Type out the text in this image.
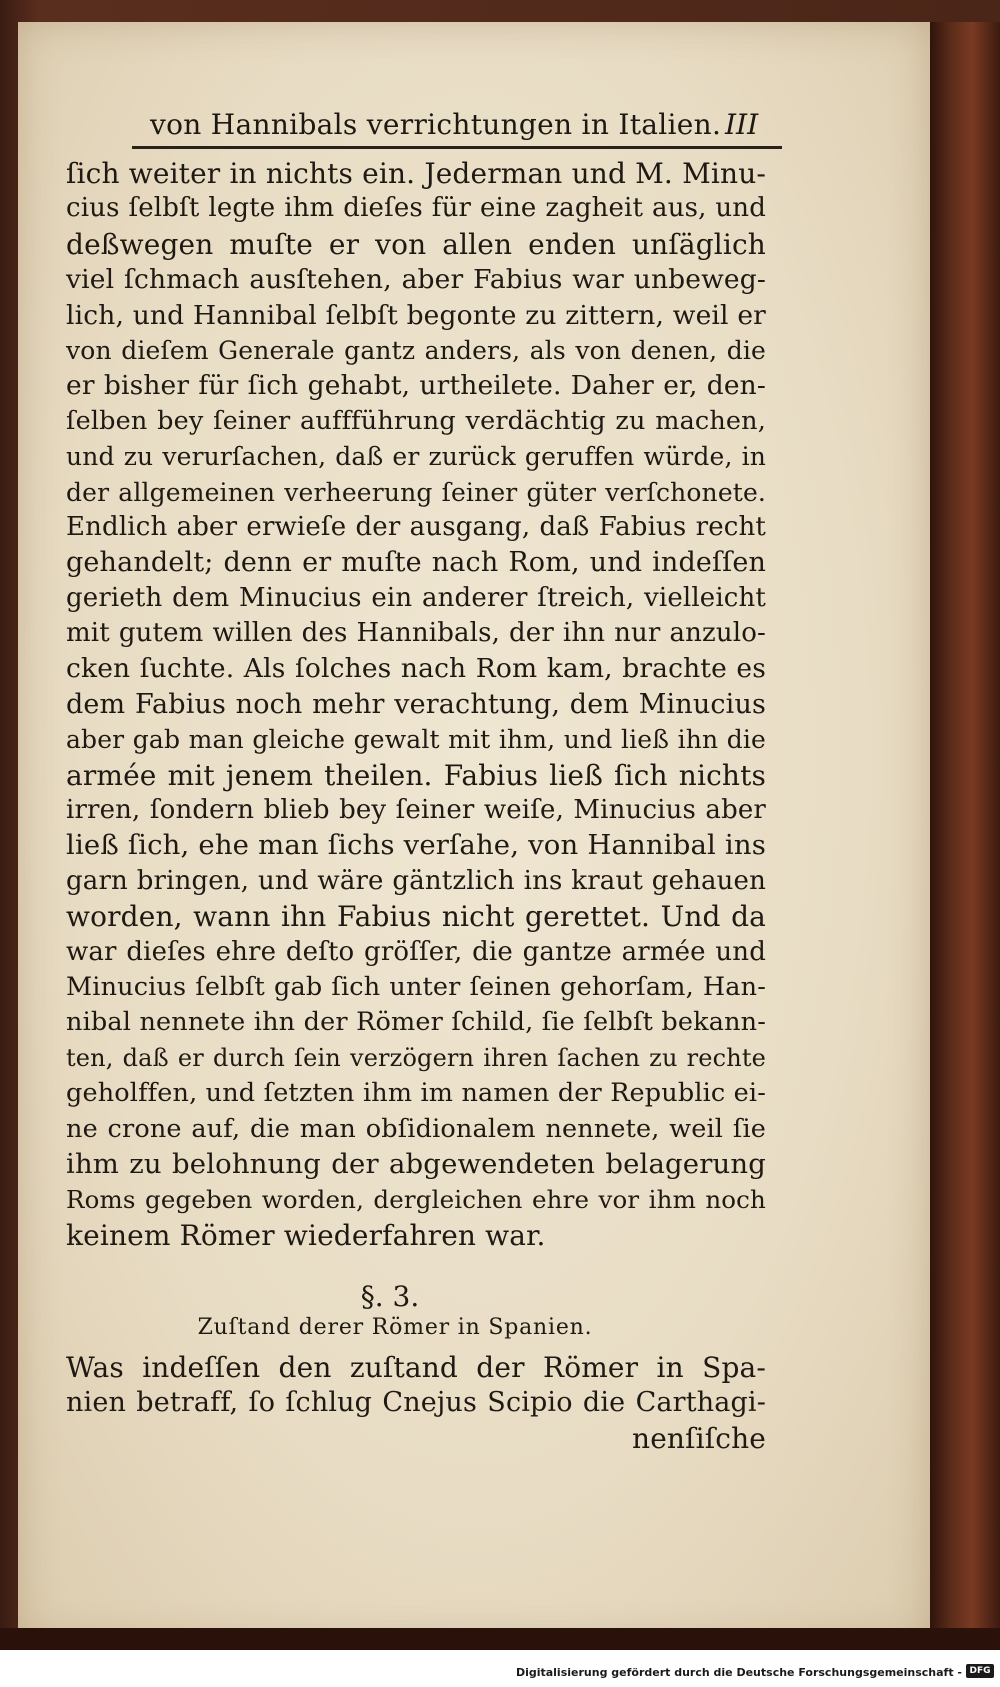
von Hannibals verrichtungen in Italien. III
ſich weiter in nichts ein. Jederman und M. Minu-
cius ſelbſt legte ihm dieſes für eine zagheit aus, und
deßwegen muſte er von allen enden unſäglich
viel ſchmach ausſtehen, aber Fabius war unbeweg-
lich, und Hannibal ſelbſt begonte zu zittern, weil er
von dieſem Generale gantz anders, als von denen, die
er bisher für ſich gehabt, urtheilete. Daher er, den-
ſelben bey ſeiner auffführung verdächtig zu machen,
und zu verurſachen, daß er zurück geruffen würde, in
der allgemeinen verheerung ſeiner güter verſchonete.
Endlich aber erwieſe der ausgang, daß Fabius recht
gehandelt; denn er muſte nach Rom, und indeſſen
gerieth dem Minucius ein anderer ſtreich, vielleicht
mit gutem willen des Hannibals, der ihn nur anzulo-
cken ſuchte. Als ſolches nach Rom kam, brachte es
dem Fabius noch mehr verachtung, dem Minucius
aber gab man gleiche gewalt mit ihm, und ließ ihn die
armée mit jenem theilen. Fabius ließ ſich nichts
irren, ſondern blieb bey ſeiner weiſe, Minucius aber
ließ ſich, ehe man ſichs verſahe, von Hannibal ins
garn bringen, und wäre gäntzlich ins kraut gehauen
worden, wann ihn Fabius nicht gerettet. Und da
war dieſes ehre deſto gröſſer, die gantze armée und
Minucius ſelbſt gab ſich unter ſeinen gehorſam, Han-
nibal nennete ihn der Römer ſchild, ſie ſelbſt bekann-
ten, daß er durch ſein verzögern ihren ſachen zu rechte
geholffen, und ſetzten ihm im namen der Republic ei-
ne crone auf, die man obſidionalem nennete, weil ſie
ihm zu belohnung der abgewendeten belagerung
Roms gegeben worden, dergleichen ehre vor ihm noch
keinem Römer wiederfahren war.
§. 3.
Zuſtand derer Römer in Spanien.
Was indeſſen den zuſtand der Römer in Spa-
nien betraff, ſo ſchlug Cnejus Scipio die Carthagi-
nenſiſche
Digitalisierung gefördert durch die Deutsche Forschungsgemeinschaft - DFG
